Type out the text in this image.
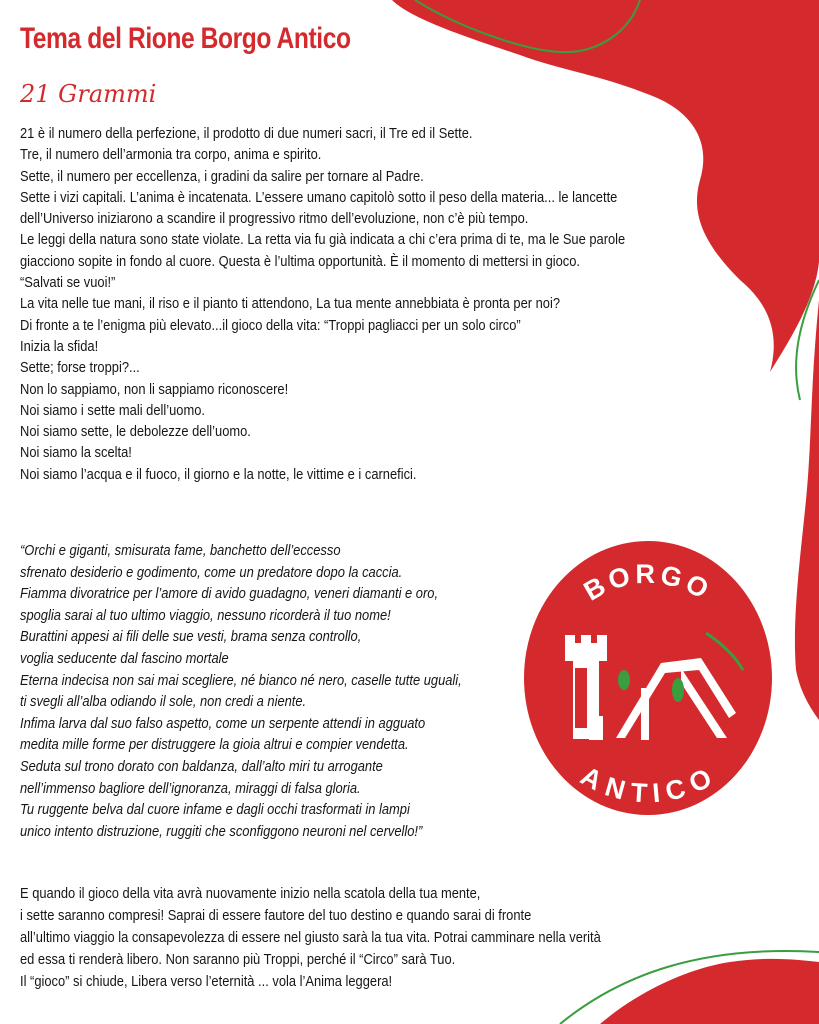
Tema del Rione Borgo Antico
21 Grammi
21 è il numero della perfezione, il prodotto di due numeri sacri, il Tre ed il Sette.
Tre, il numero dell’armonia tra corpo, anima e spirito.
Sette, il numero per eccellenza, i gradini da salire per tornare al Padre.
Sette i vizi capitali. L’anima è incatenata. L’essere umano capitolò sotto il peso della materia... le lancette
dell’Universo iniziarono a scandire il progressivo ritmo dell’evoluzione, non c’è più tempo.
Le leggi della natura sono state violate. La retta via fu già indicata a chi c’era prima di te, ma le Sue parole
giacciono sopite in fondo al cuore. Questa è l’ultima opportunità. È il momento di mettersi in gioco.
“Salvati se vuoi!”
La vita nelle tue mani, il riso e il pianto ti attendono, La tua mente annebbiata è pronta per noi?
Di fronte a te l’enigma più elevato...il gioco della vita: “Troppi pagliacci per un solo circo”
Inizia la sfida!
Sette; forse troppi?...
Non lo sappiamo, non li sappiamo riconoscere!
Noi siamo i sette mali dell’uomo.
Noi siamo sette, le debolezze dell’uomo.
Noi siamo la scelta!
Noi siamo l’acqua e il fuoco, il giorno e la notte, le vittime e i carnefici.
“Orchi e giganti, smisurata fame, banchetto dell’eccesso
sfrenato desiderio e godimento, come un predatore dopo la caccia.
Fiamma divoratrice per l’amore di avido guadagno, veneri diamanti e oro,
spoglia sarai al tuo ultimo viaggio, nessuno ricorderà il tuo nome!
Burattini appesi ai fili delle sue vesti, brama senza controllo,
voglia seducente dal fascino mortale
Eterna indecisa non sai mai scegliere, né bianco né nero, caselle tutte uguali,
ti svegli all’alba odiando il sole, non credi a niente.
Infima larva dal suo falso aspetto, come un serpente attendi in agguato
medita mille forme per distruggere la gioia altrui e compier vendetta.
Seduta sul trono dorato con baldanza, dall’alto miri tu arrogante
nell’immenso bagliore dell’ignoranza, miraggi di falsa gloria.
Tu ruggente belva dal cuore infame e dagli occhi trasformati in lampi
unico intento distruzione, ruggiti che sconfiggono neuroni nel cervello!”
E quando il gioco della vita avrà nuovamente inizio nella scatola della tua mente,
i sette saranno compresi! Saprai di essere fautore del tuo destino e quando sarai di fronte
all’ultimo viaggio la consapevolezza di essere nel giusto sarà la tua vita. Potrai camminare nella verità
ed essa ti renderà libero. Non saranno più Troppi, perché il “Circo” sarà Tuo.
Il “gioco” si chiude, Libera verso l’eternità ... vola l’Anima leggera!
BORGO
ANTICO
